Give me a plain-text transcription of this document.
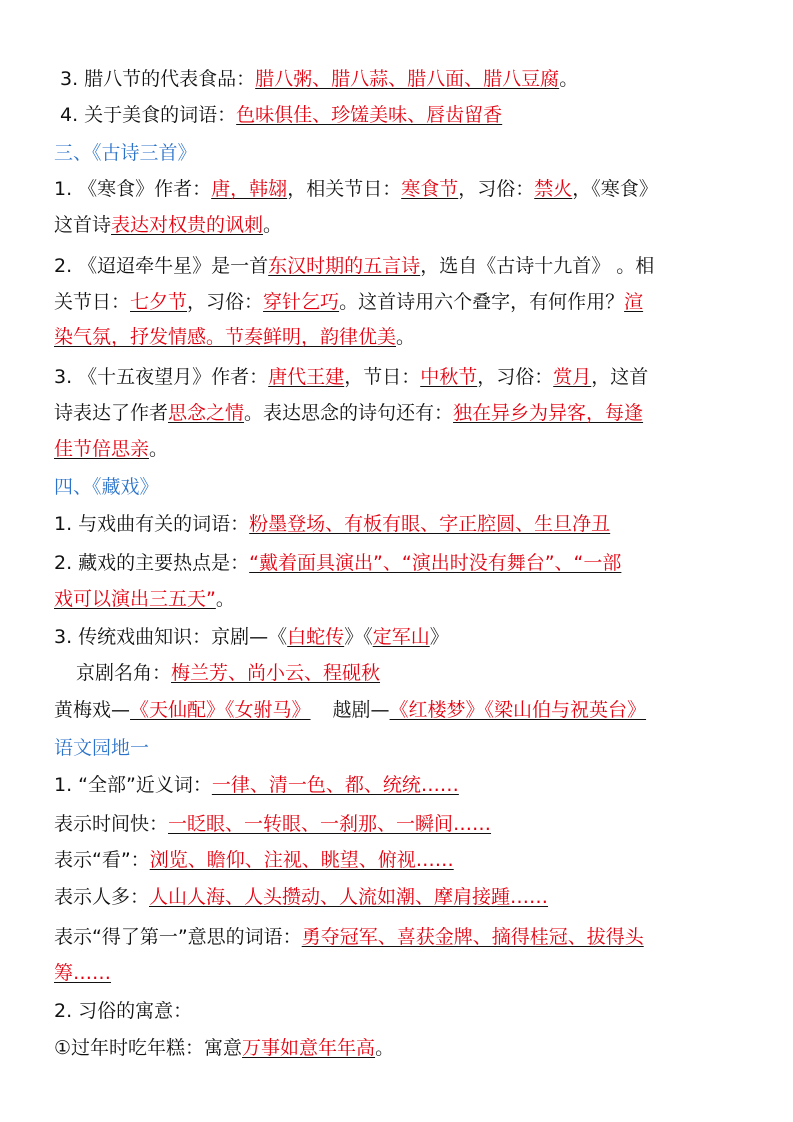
3. 腊八节的代表食品：腊八粥、腊八蒜、腊八面、腊八豆腐。
4. 关于美食的词语：色味俱佳、珍馐美味、唇齿留香
三、《古诗三首》
1. 《寒食》作者：唐，韩翃，相关节日：寒食节，习俗：禁火，《寒食》
这首诗表达对权贵的讽刺。
2. 《迢迢牵牛星》是一首东汉时期的五言诗，选自《古诗十九首》 。相
关节日：七夕节，习俗：穿针乞巧。这首诗用六个叠字，有何作用？渲
染气氛，抒发情感。节奏鲜明，韵律优美。
3. 《十五夜望月》作者：唐代王建，节日：中秋节，习俗：赏月，这首
诗表达了作者思念之情。表达思念的诗句还有：独在异乡为异客，每逢
佳节倍思亲。
四、《藏戏》
1. 与戏曲有关的词语：粉墨登场、有板有眼、字正腔圆、生旦净丑
2. 藏戏的主要热点是：“戴着面具演出”、“演出时没有舞台”、“一部
戏可以演出三五天”。
3. 传统戏曲知识：京剧—《白蛇传》《定军山》
京剧名角：梅兰芳、尚小云、程砚秋
黄梅戏—《天仙配》《女驸马》 越剧—《红楼梦》《梁山伯与祝英台》
语文园地一
1. “全部”近义词：一律、清一色、都、统统……
表示时间快：一眨眼、一转眼、一刹那、一瞬间……
表示“看”：浏览、瞻仰、注视、眺望、俯视……
表示人多：人山人海、人头攒动、人流如潮、摩肩接踵……
表示“得了第一”意思的词语：勇夺冠军、喜获金牌、摘得桂冠、拔得头
筹……
2. 习俗的寓意：
①过年时吃年糕：寓意万事如意年年高。
